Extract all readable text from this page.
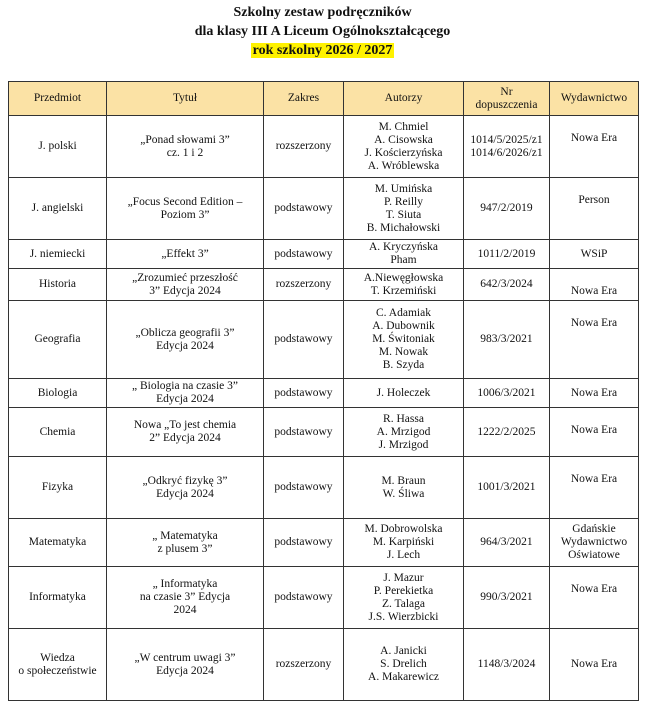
Szkolny zestaw podręczników
dla klasy III A Liceum Ogólnokształcącego
rok szkolny 2026 / 2027
Przedmiot	Tytuł	Zakres	Autorzy	Nr
dopuszczenia	Wydawnictwo

J. polski	„Ponad słowami 3”
cz. 1 i 2	rozszerzony	M. Chmiel
A. Cisowska
J. Kościerzyńska
A. Wróblewska	1014/5/2025/z1
1014/6/2026/z1	Nowa Era

J. angielski	„Focus Second Edition –
Poziom 3”	podstawowy	M. Umińska
P. Reilly
T. Siuta
B. Michałowski	947/2/2019	Person

J. niemiecki	„Effekt 3”	podstawowy	A. Kryczyńska
Pham	1011/2/2019	WSiP

Historia	„Zrozumieć przeszłość
3” Edycja 2024	rozszerzony	A.Niewęgłowska
T. Krzemiński	642/3/2024	Nowa Era

Geografia	„Oblicza geografii 3”
Edycja 2024	podstawowy	C. Adamiak
A. Dubownik
M. Świtoniak
M. Nowak
B. Szyda	983/3/2021	Nowa Era

Biologia	„ Biologia na czasie 3”
Edycja 2024	podstawowy	J. Holeczek	1006/3/2021	Nowa Era

Chemia	Nowa „To jest chemia
2” Edycja 2024	podstawowy	R. Hassa
A. Mrzigod
J. Mrzigod	1222/2/2025	Nowa Era

Fizyka	„Odkryć fizykę 3”
Edycja 2024	podstawowy	M. Braun
W. Śliwa	1001/3/2021	Nowa Era

Matematyka	„ Matematyka
z plusem 3”	podstawowy	M. Dobrowolska
M. Karpiński
J. Lech	964/3/2021	Gdańskie
Wydawnictwo
Oświatowe

Informatyka	„ Informatyka
na czasie 3” Edycja
2024	podstawowy	J. Mazur
P. Perekietka
Z. Talaga
J.S. Wierzbicki	990/3/2021	Nowa Era

Wiedza
o społeczeństwie	„W centrum uwagi 3”
Edycja 2024	rozszerzony	A. Janicki
S. Drelich
A. Makarewicz	1148/3/2024	Nowa Era
